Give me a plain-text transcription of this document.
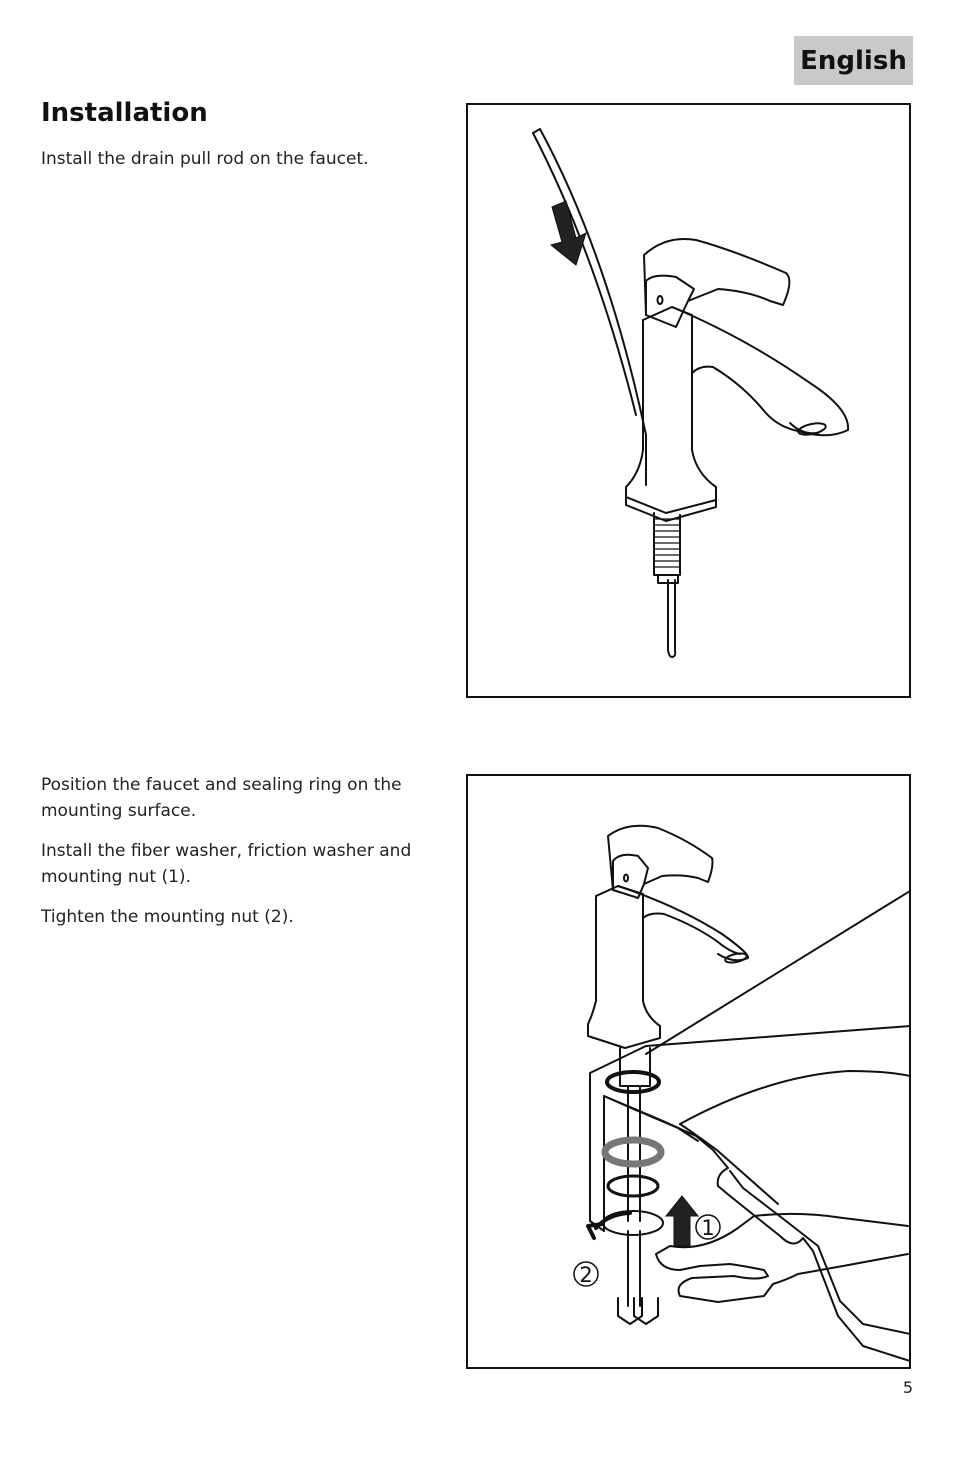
English
Installation

Install the drain pull rod on the faucet.

Position the faucet and sealing ring on the mounting surface.

Install the fiber washer, friction washer and mounting nut (1).

Tighten the mounting nut (2).

1
2
5
